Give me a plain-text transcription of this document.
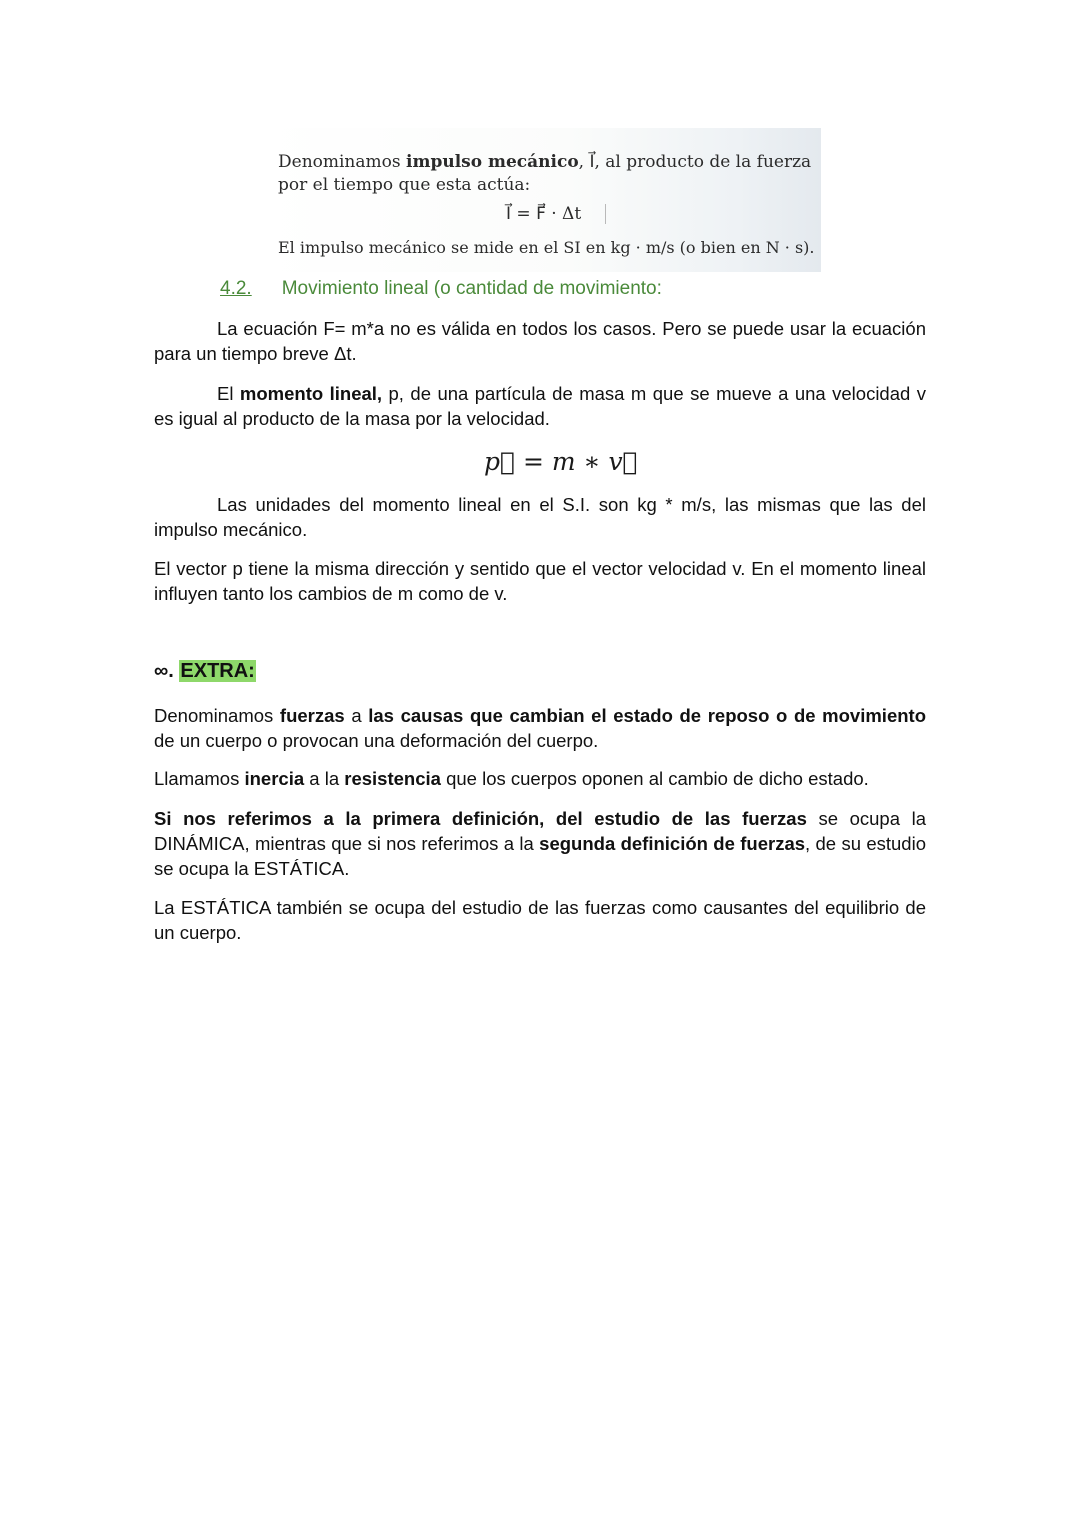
Denominamos impulso mecánico, I⃗, al producto de la fuerza
por el tiempo que esta actúa:
I⃗ = F⃗ · Δt
El impulso mecánico se mide en el SI en kg · m/s (o bien en N · s).
4.2. Movimiento lineal (o cantidad de movimiento:
La ecuación F= m*a no es válida en todos los casos. Pero se puede usar la ecuación para un tiempo breve Δt.
El momento lineal, p, de una partícula de masa m que se mueve a una velocidad v es igual al producto de la masa por la velocidad.
p⃗ = m ∗ v⃗
Las unidades del momento lineal en el S.I. son kg * m/s, las mismas que las del impulso mecánico.
El vector p tiene la misma dirección y sentido que el vector velocidad v. En el momento lineal influyen tanto los cambios de m como de v.
∞. EXTRA:
Denominamos fuerzas a las causas que cambian el estado de reposo o de movimiento de un cuerpo o provocan una deformación del cuerpo.
Llamamos inercia a la resistencia que los cuerpos oponen al cambio de dicho estado.
Si nos referimos a la primera definición, del estudio de las fuerzas se ocupa la DINÁMICA, mientras que si nos referimos a la segunda definición de fuerzas, de su estudio se ocupa la ESTÁTICA.
La ESTÁTICA también se ocupa del estudio de las fuerzas como causantes del equilibrio de un cuerpo.
